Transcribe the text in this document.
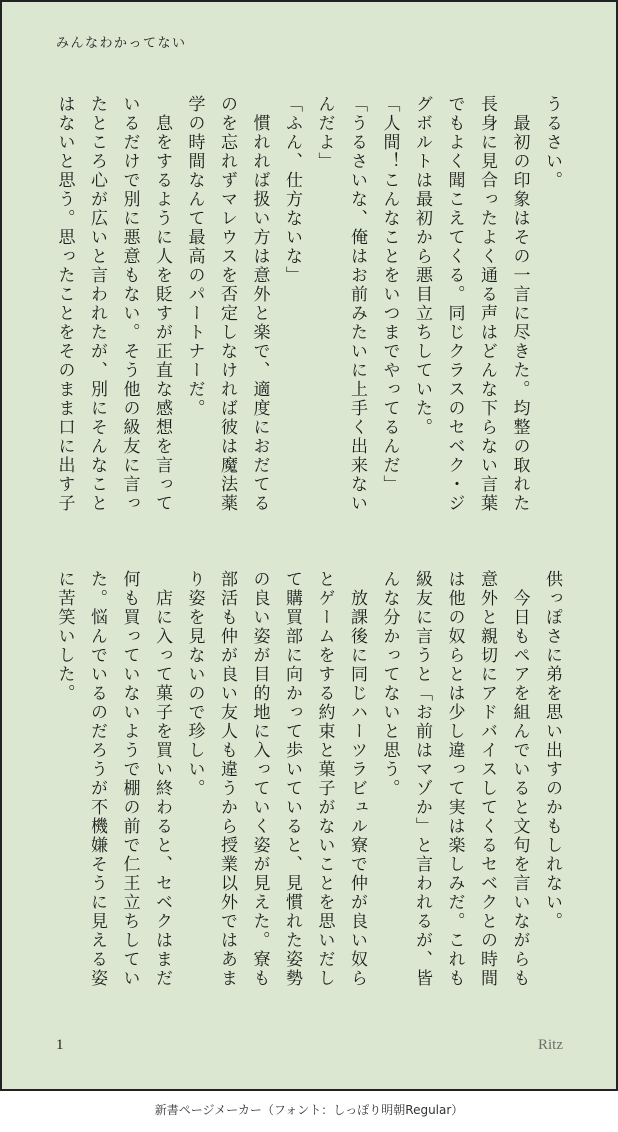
みんなわかってない
うるさい。
最初の印象はその一言に尽きた。均整の取れた
長身に見合ったよく通る声はどんな下らない言葉
でもよく聞こえてくる。同じクラスのセベク・ジ
グボルトは最初から悪目立ちしていた。
「人間！こんなことをいつまでやってるんだ」
「うるさいな、俺はお前みたいに上手く出来ない
んだよ」
「ふん、仕方ないな」
慣れれば扱い方は意外と楽で、適度におだてる
のを忘れずマレウスを否定しなければ彼は魔法薬
学の時間なんて最高のパートナーだ。
息をするように人を貶すが正直な感想を言って
いるだけで別に悪意もない。そう他の級友に言っ
たところ心が広いと言われたが、別にそんなこと
はないと思う。思ったことをそのまま口に出す子
供っぽさに弟を思い出すのかもしれない。
今日もペアを組んでいると文句を言いながらも
意外と親切にアドバイスしてくるセベクとの時間
は他の奴らとは少し違って実は楽しみだ。これも
級友に言うと「お前はマゾか」と言われるが、皆
んな分かってないと思う。
放課後に同じハーツラビュル寮で仲が良い奴ら
とゲームをする約束と菓子がないことを思いだし
て購買部に向かって歩いていると、見慣れた姿勢
の良い姿が目的地に入っていく姿が見えた。寮も
部活も仲が良い友人も違うから授業以外ではあま
り姿を見ないので珍しい。
店に入って菓子を買い終わると、セベクはまだ
何も買っていないようで棚の前で仁王立ちしてい
た。悩んでいるのだろうが不機嫌そうに見える姿
に苦笑いした。
1	Ritz
新書ページメーカー（フォント：しっぽり明朝Regular）
